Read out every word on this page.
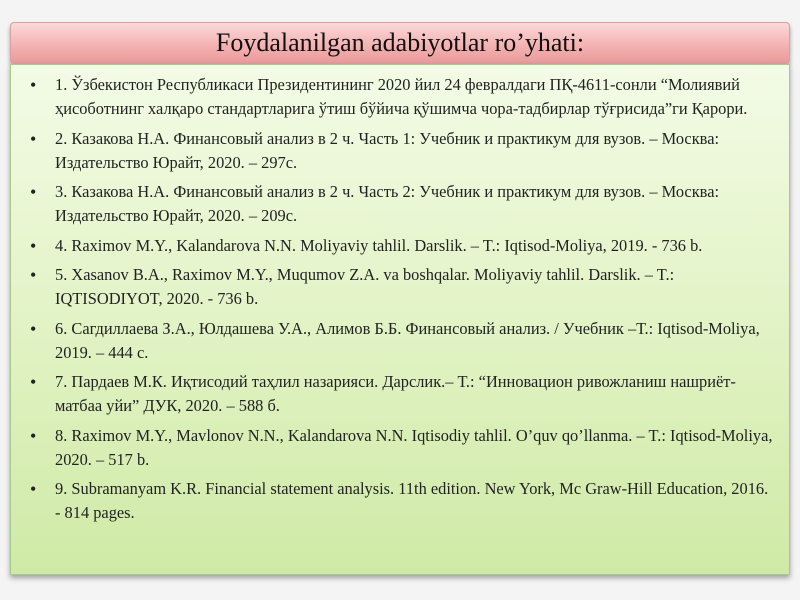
Foydalanilgan adabiyotlar ro’yhati:
• 1. Ўзбекистон Республикаси Президентининг 2020 йил 24 февралдаги ПҚ-4611-сонли “Молиявий ҳисоботнинг халқаро стандартларига ўтиш бўйича қўшимча чора-тадбирлар тўғрисида”ги Қарори.
• 2. Казакова Н.А. Финансовый анализ в 2 ч. Часть 1: Учебник и практикум для вузов. – Москва: Издательство Юрайт, 2020. – 297с.
• 3. Казакова Н.А. Финансовый анализ в 2 ч. Часть 2: Учебник и практикум для вузов. – Москва: Издательство Юрайт, 2020. – 209с.
• 4. Raximov M.Y., Kalandarova N.N. Moliyaviy tahlil. Darslik. – T.: Iqtisod-Moliya, 2019. - 736 b.
• 5. Xasanov B.A., Raximov M.Y., Muqumov Z.A. va boshqalar. Moliyaviy tahlil. Darslik. – T.: IQTISODIYOT, 2020. - 736 b.
• 6. Сагдиллаева З.А., Юлдашева У.А., Алимов Б.Б. Финансовый анализ. / Учебник –Т.: Iqtisod-Moliya, 2019. – 444 с.
• 7. Пардаев М.К. Иқтисодий таҳлил назарияси. Дарслик.– Т.: “Инновацион ривожланиш нашриёт-матбаа уйи” ДУК, 2020. – 588 б.
• 8. Raximov M.Y., Mavlonov N.N., Kalandarova N.N. Iqtisodiy tahlil. O’quv qo’llanma. – T.: Iqtisod-Moliya, 2020. – 517 b.
• 9. Subramanyam K.R. Financial statement analysis. 11th edition. New York, Mc Graw-Hill Education, 2016. - 814 pages.
